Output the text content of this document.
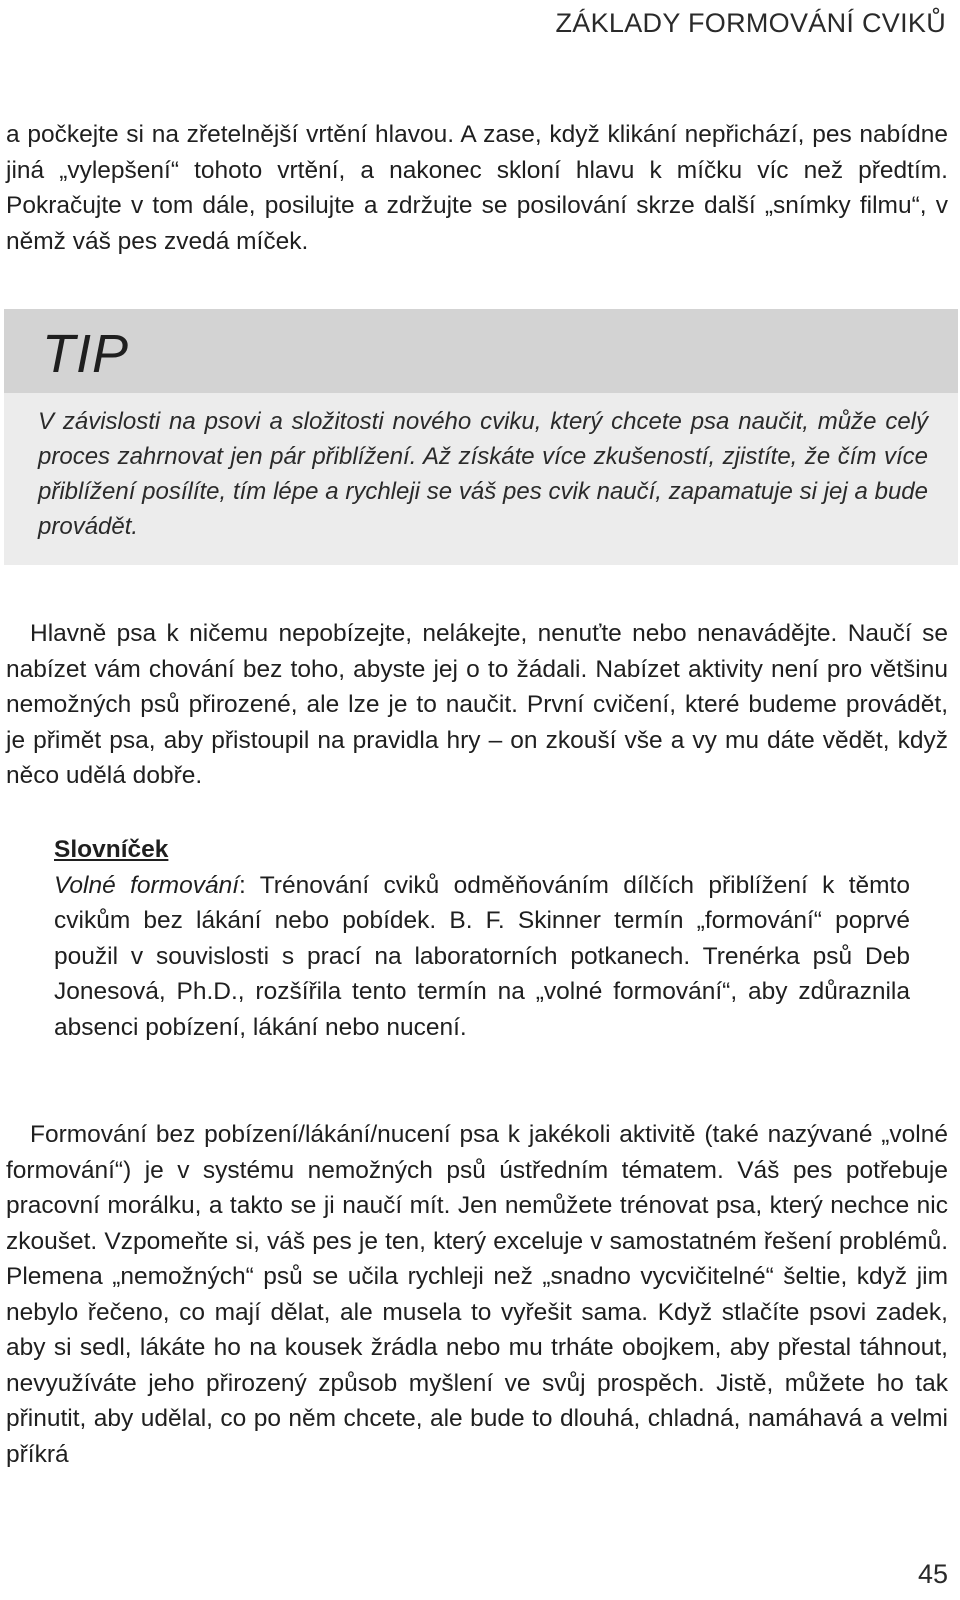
ZÁKLADY FORMOVÁNÍ CVIKŮ

a počkejte si na zřetelnější vrtění hlavou. A zase, když klikání nepřichází, pes nabídne jiná „vylepšení“ tohoto vrtění, a nakonec skloní hlavu k míčku víc než předtím. Pokračujte v tom dále, posilujte a zdržujte se posilování skrze další „snímky filmu“, v němž váš pes zvedá míček.

TIP

V závislosti na psovi a složitosti nového cviku, který chcete psa naučit, může celý proces zahrnovat jen pár přiblížení. Až získáte více zkušeností, zjistíte, že čím více přiblížení posílíte, tím lépe a rychleji se váš pes cvik naučí, zapamatuje si jej a bude provádět.

Hlavně psa k ničemu nepobízejte, nelákejte, nenuťte nebo nenavádějte. Naučí se nabízet vám chování bez toho, abyste jej o to žádali. Nabízet aktivity není pro většinu nemožných psů přirozené, ale lze je to naučit. První cvičení, které budeme provádět, je přimět psa, aby přistoupil na pravidla hry – on zkouší vše a vy mu dáte vědět, když něco udělá dobře.

Slovníček
Volné formování: Trénování cviků odměňováním dílčích přiblížení k těmto cvikům bez lákání nebo pobídek. B. F. Skinner termín „formování“ poprvé použil v souvislosti s prací na laboratorních potkanech. Trenérka psů Deb Jonesová, Ph.D., rozšířila tento termín na „volné formování“, aby zdůraznila absenci pobízení, lákání nebo nucení.

Formování bez pobízení/lákání/nucení psa k jakékoli aktivitě (také nazývané „volné formování“) je v systému nemožných psů ústředním tématem. Váš pes potřebuje pracovní morálku, a takto se ji naučí mít. Jen nemůžete trénovat psa, který nechce nic zkoušet. Vzpomeňte si, váš pes je ten, který exceluje v samostatném řešení problémů. Plemena „nemožných“ psů se učila rychleji než „snadno vycvičitelné“ šeltie, když jim nebylo řečeno, co mají dělat, ale musela to vyřešit sama. Když stlačíte psovi zadek, aby si sedl, lákáte ho na kousek žrádla nebo mu trháte obojkem, aby přestal táhnout, nevyužíváte jeho přirozený způsob myšlení ve svůj prospěch. Jistě, můžete ho tak přinutit, aby udělal, co po něm chcete, ale bude to dlouhá, chladná, namáhavá a velmi příkrá

45
